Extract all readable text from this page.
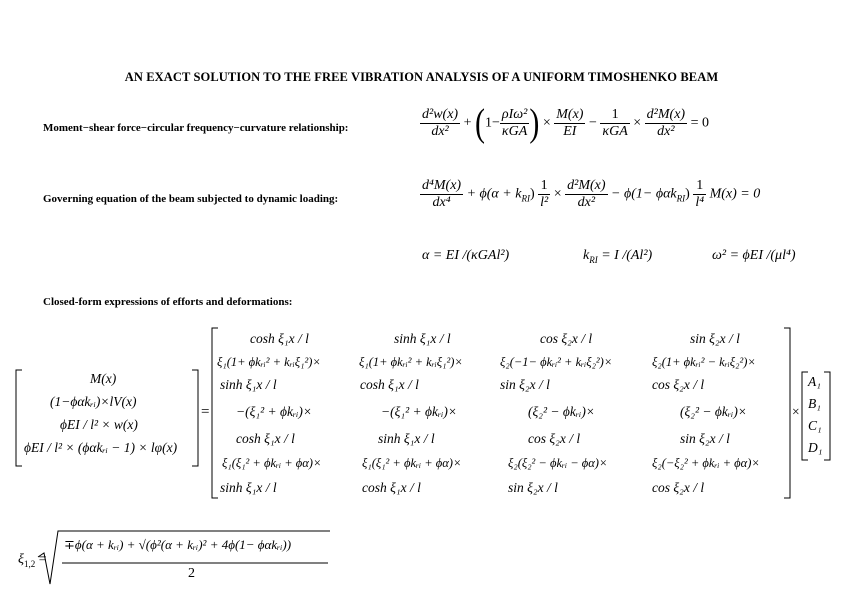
AN EXACT SOLUTION TO THE FREE VIBRATION ANALYSIS OF A UNIFORM TIMOSHENKO BEAM
Moment−shear force−circular frequency−curvature relationship:	$\frac{\text{d²w(x)}}{\text{dx²}} + (1- \frac{\text{ρIω²}}{\text{κGA}}$ ) × $\frac{M(x)}{EI} - \frac{1}{\text{κGA}} \times \frac{\text{d²M(x)}}{\text{dx²}} = 0$
Governing equation of the beam subjected to dynamic loading:	$\frac{\text{d⁴M(x)}}{\text{dx⁴}} + \phi(\alpha + k_{RI}) \frac{1}{\text{l²}} \times \frac{\text{d²M(x)}}{\text{dx²}} - \phi(1- \phi\alpha k_{RI}) \frac{1}{\text{l⁴}} M(x) = 0$
α = EI /(κGAl²)	$k_{RI} = I$ /(Al²)	ω² = ϕEI /(μl⁴)
Closed-form expressions of efforts and deformations:
M(x)
(1−ϕαkᵣᵢ)×lV(x)
ϕEI / l² × w(x)
ϕEI / l² × (ϕαkᵣᵢ − 1) × lφ(x)
=
cosh ξ₁x / l	sinh ξ₁x / l	cos ξ₂x / l	sin ξ₂x / l
ξ₁(1+ ϕkᵣᵢ² + kᵣᵢξ₁²)×	ξ₁(1+ ϕkᵣᵢ² + kᵣᵢξ₁²)×	ξ₂(−1− ϕkᵣᵢ² + kᵣᵢξ₂²)×	ξ₂(1+ ϕkᵣᵢ² − kᵣᵢξ₂²)×
sinh ξ₁x / l	cosh ξ₁x / l	sin ξ₂x / l	cos ξ₂x / l
−(ξ₁² + ϕkᵣᵢ)×	−(ξ₁² + ϕkᵣᵢ)×	(ξ₂² − ϕkᵣᵢ)×	(ξ₂² − ϕkᵣᵢ)×
cosh ξ₁x / l	sinh ξ₁x / l	cos ξ₂x / l	sin ξ₂x / l
ξ₁(ξ₁² + ϕkᵣᵢ + ϕα)×	ξ₁(ξ₁² + ϕkᵣᵢ + ϕα)×	ξ₂(ξ₂² − ϕkᵣᵢ − ϕα)×	ξ₂(−ξ₂² + ϕkᵣᵢ + ϕα)×
sinh ξ₁x / l	cosh ξ₁x / l	sin ξ₂x / l	cos ξ₂x / l
×
A₁
B₁
C₁
D₁
$\xi_{1,2}$ =
∓ϕ(α + kᵣᵢ) + √(ϕ²(α + kᵣᵢ)² + 4ϕ(1− ϕαkᵣᵢ))
2
